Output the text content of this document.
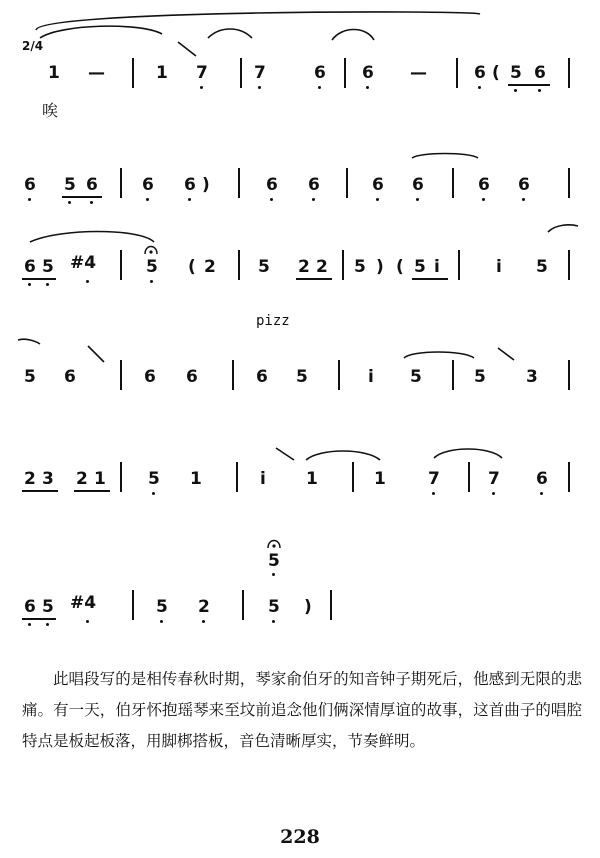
2/4
1 —	1 7	7	6 6 —	6 ( 5 6
唉
6 5 6	6 6 )	6 6	6 6	6 6
6 5 #4	5 ( 2 5 2 2 5 ) ( 5 i	i 5
pizz
5 6	6 6	6 5	i 5	5 3
2 3 2 1 5 1	i 1	1 7	7 6
5
6 5 #4	5 2	5 )
此唱段写的是相传春秋时期，琴家俞伯牙的知音钟子期死后，他感到无限的悲痛。有一天，伯牙怀抱瑶琴来至坟前追念他们俩深情厚谊的故事，这首曲子的唱腔特点是板起板落，用脚梆搭板，音色清晰厚实，节奏鲜明。
228
